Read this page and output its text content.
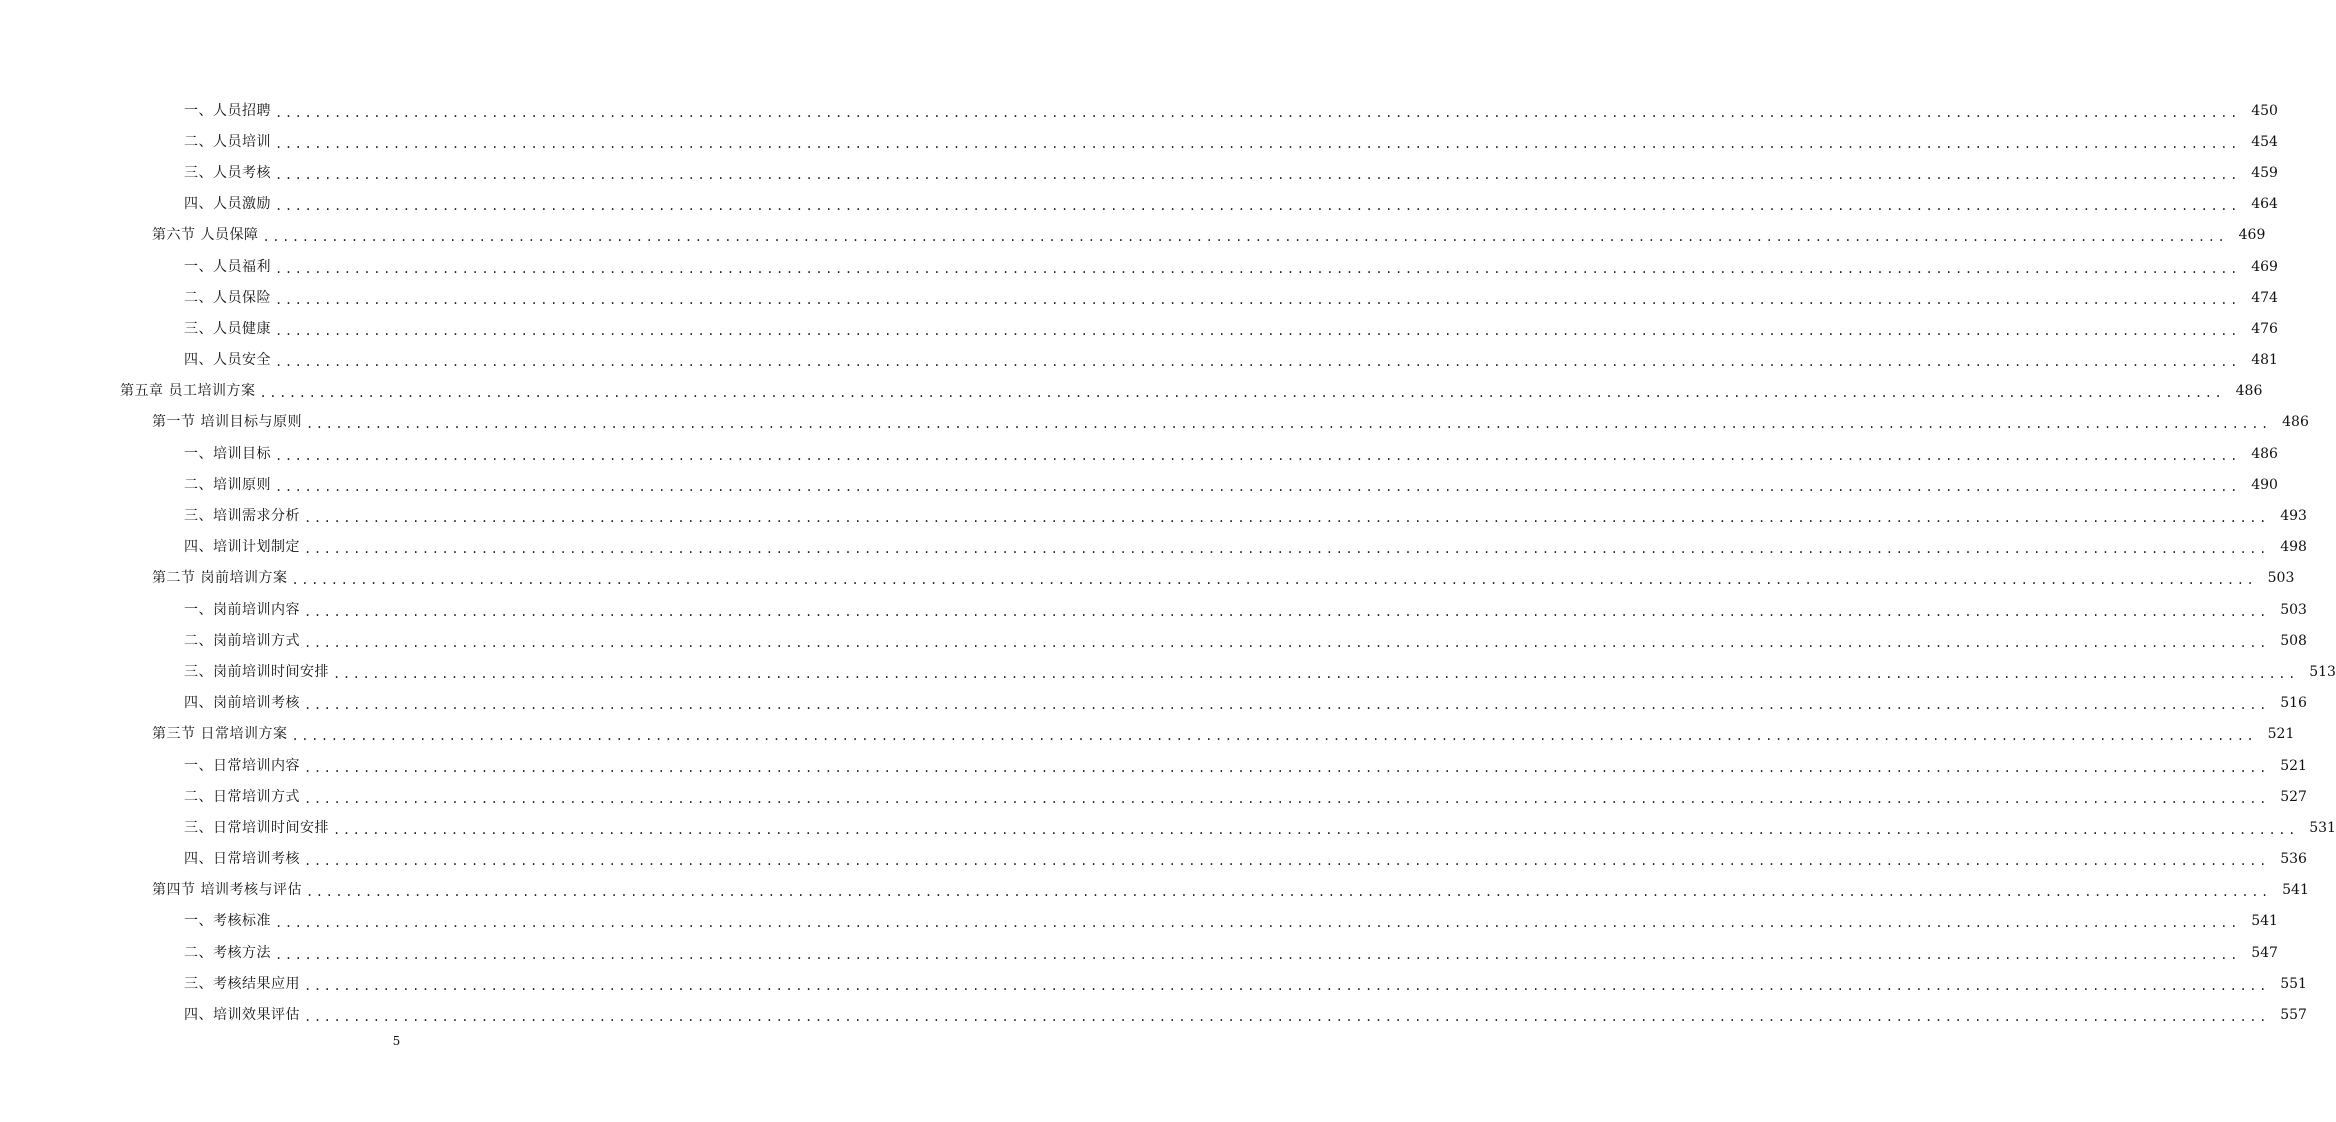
一、人员招聘 ........................................................................................................................................................................................................ 450
二、人员培训 ........................................................................................................................................................................................................ 454
三、人员考核 ........................................................................................................................................................................................................ 459
四、人员激励 ........................................................................................................................................................................................................ 464
第六节 人员保障 ........................................................................................................................................................................................................ 469
一、人员福利 ........................................................................................................................................................................................................ 469
二、人员保险 ........................................................................................................................................................................................................ 474
三、人员健康 ........................................................................................................................................................................................................ 476
四、人员安全 ........................................................................................................................................................................................................ 481
第五章 员工培训方案 ........................................................................................................................................................................................................ 486
第一节 培训目标与原则 ........................................................................................................................................................................................................ 486
一、培训目标 ........................................................................................................................................................................................................ 486
二、培训原则 ........................................................................................................................................................................................................ 490
三、培训需求分析 ........................................................................................................................................................................................................ 493
四、培训计划制定 ........................................................................................................................................................................................................ 498
第二节 岗前培训方案 ........................................................................................................................................................................................................ 503
一、岗前培训内容 ........................................................................................................................................................................................................ 503
二、岗前培训方式 ........................................................................................................................................................................................................ 508
三、岗前培训时间安排 ........................................................................................................................................................................................................ 513
四、岗前培训考核 ........................................................................................................................................................................................................ 516
第三节 日常培训方案 ........................................................................................................................................................................................................ 521
一、日常培训内容 ........................................................................................................................................................................................................ 521
二、日常培训方式 ........................................................................................................................................................................................................ 527
三、日常培训时间安排 ........................................................................................................................................................................................................ 531
四、日常培训考核 ........................................................................................................................................................................................................ 536
第四节 培训考核与评估 ........................................................................................................................................................................................................ 541
一、考核标准 ........................................................................................................................................................................................................ 541
二、考核方法 ........................................................................................................................................................................................................ 547
三、考核结果应用 ........................................................................................................................................................................................................ 551
四、培训效果评估 ........................................................................................................................................................................................................ 557
5
